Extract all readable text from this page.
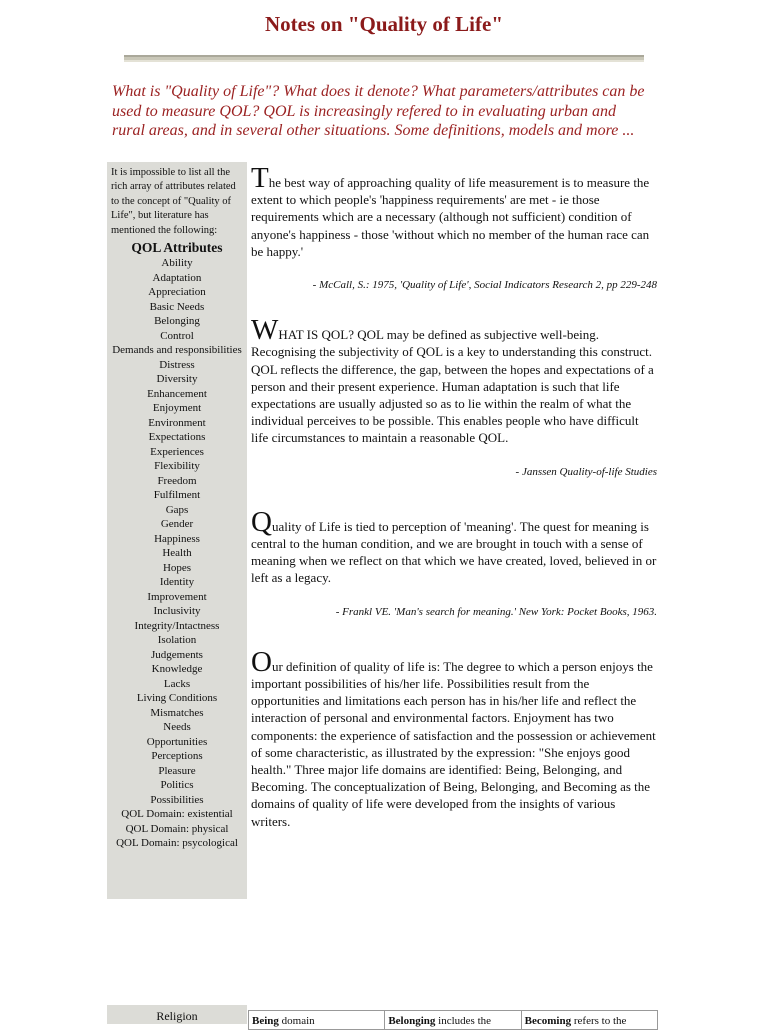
Notes on "Quality of Life"
What is "Quality of Life"? What does it denote? What parameters/attributes can be used to measure QOL? QOL is increasingly refered to in evaluating urban and rural areas, and in several other situations. Some definitions, models and more ...
It is impossible to list all the rich array of attributes related to the concept of "Quality of Life", but literature has mentioned the following:
QOL Attributes
Ability
Adaptation
Appreciation
Basic Needs
Belonging
Control
Demands and responsibilities
Distress
Diversity
Enhancement
Enjoyment
Environment
Expectations
Experiences
Flexibility
Freedom
Fulfilment
Gaps
Gender
Happiness
Health
Hopes
Identity
Improvement
Inclusivity
Integrity/Intactness
Isolation
Judgements
Knowledge
Lacks
Living Conditions
Mismatches
Needs
Opportunities
Perceptions
Pleasure
Politics
Possibilities
QOL Domain: existential
QOL Domain: physical
QOL Domain: psycological
Religion

The best way of approaching quality of life measurement is to measure the extent to which people's 'happiness requirements' are met - ie those requirements which are a necessary (although not sufficient) condition of anyone's happiness - those 'without which no member of the human race can be happy.'

- McCall, S.: 1975, 'Quality of Life', Social Indicators Research 2, pp 229-248

WHAT IS QOL? QOL may be defined as subjective well-being. Recognising the subjectivity of QOL is a key to understanding this construct. QOL reflects the difference, the gap, between the hopes and expectations of a person and their present experience. Human adaptation is such that life expectations are usually adjusted so as to lie within the realm of what the individual perceives to be possible. This enables people who have difficult life circumstances to maintain a reasonable QOL.

- Janssen Quality-of-life Studies

Quality of Life is tied to perception of 'meaning'. The quest for meaning is central to the human condition, and we are brought in touch with a sense of meaning when we reflect on that which we have created, loved, believed in or left as a legacy.

- Frankl VE. 'Man's search for meaning.' New York: Pocket Books, 1963.

Our definition of quality of life is: The degree to which a person enjoys the important possibilities of his/her life. Possibilities result from the opportunities and limitations each person has in his/her life and reflect the interaction of personal and environmental factors. Enjoyment has two components: the experience of satisfaction and the possession or achievement of some characteristic, as illustrated by the expression: "She enjoys good health." Three major life domains are identified: Being, Belonging, and Becoming. The conceptualization of Being, Belonging, and Becoming as the domains of quality of life were developed from the insights of various writers.

Being domain	Belonging includes the	Becoming refers to the
